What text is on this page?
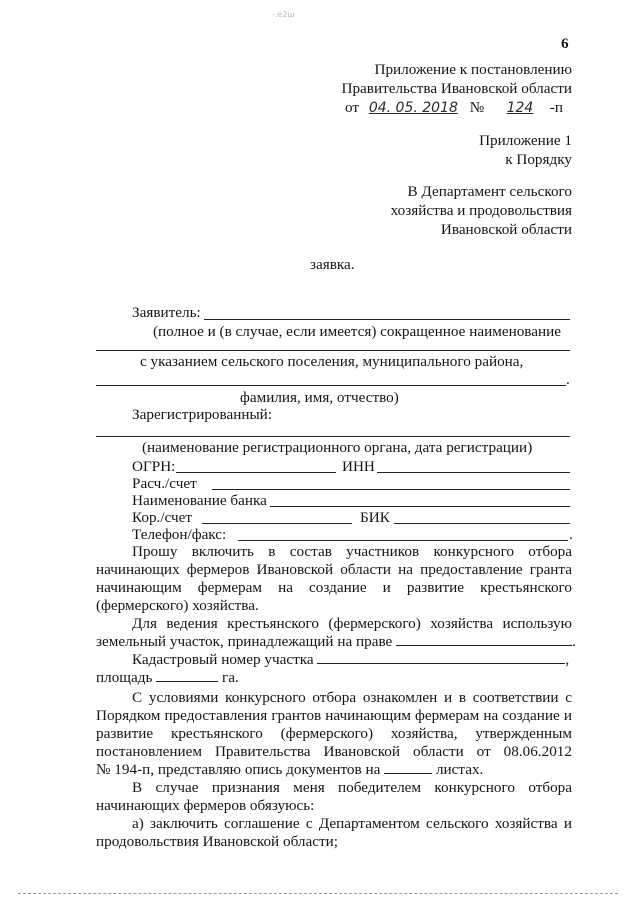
-.е2ш
6
Приложение к постановлению
Правительства Ивановской области
от 04. 05. 2018 № 124 -п
Приложение 1
к Порядку
В Департамент сельского
хозяйства и продовольствия
Ивановской области
заявка.
Заявитель:
(полное и (в случае, если имеется) сокращенное наименование
с указанием сельского поселения, муниципального района,
.
фамилия, имя, отчество)
Зарегистрированный:
(наименование регистрационного органа, дата регистрации)
ОГРН:	ИНН
Расч./счет
Наименование банка
Кор./счет	БИК
Телефон/факс:	.
Прошу включить в состав участников конкурсного отбора
начинающих фермеров Ивановской области на предоставление гранта
начинающим фермерам на создание и развитие крестьянского
(фермерского) хозяйства.
Для ведения крестьянского (фермерского) хозяйства использую
земельный участок, принадлежащий на праве	.
Кадастровый номер участка	,
площадь	га.
С условиями конкурсного отбора ознакомлен и в соответствии с
Порядком предоставления грантов начинающим фермерам на создание и
развитие крестьянского (фермерского) хозяйства, утвержденным
постановлением Правительства Ивановской области от 08.06.2012
№ 194-п, представляю опись документов на	листах.
В случае признания меня победителем конкурсного отбора
начинающих фермеров обязуюсь:
а) заключить соглашение с Департаментом сельского хозяйства и
продовольствия Ивановской области;
